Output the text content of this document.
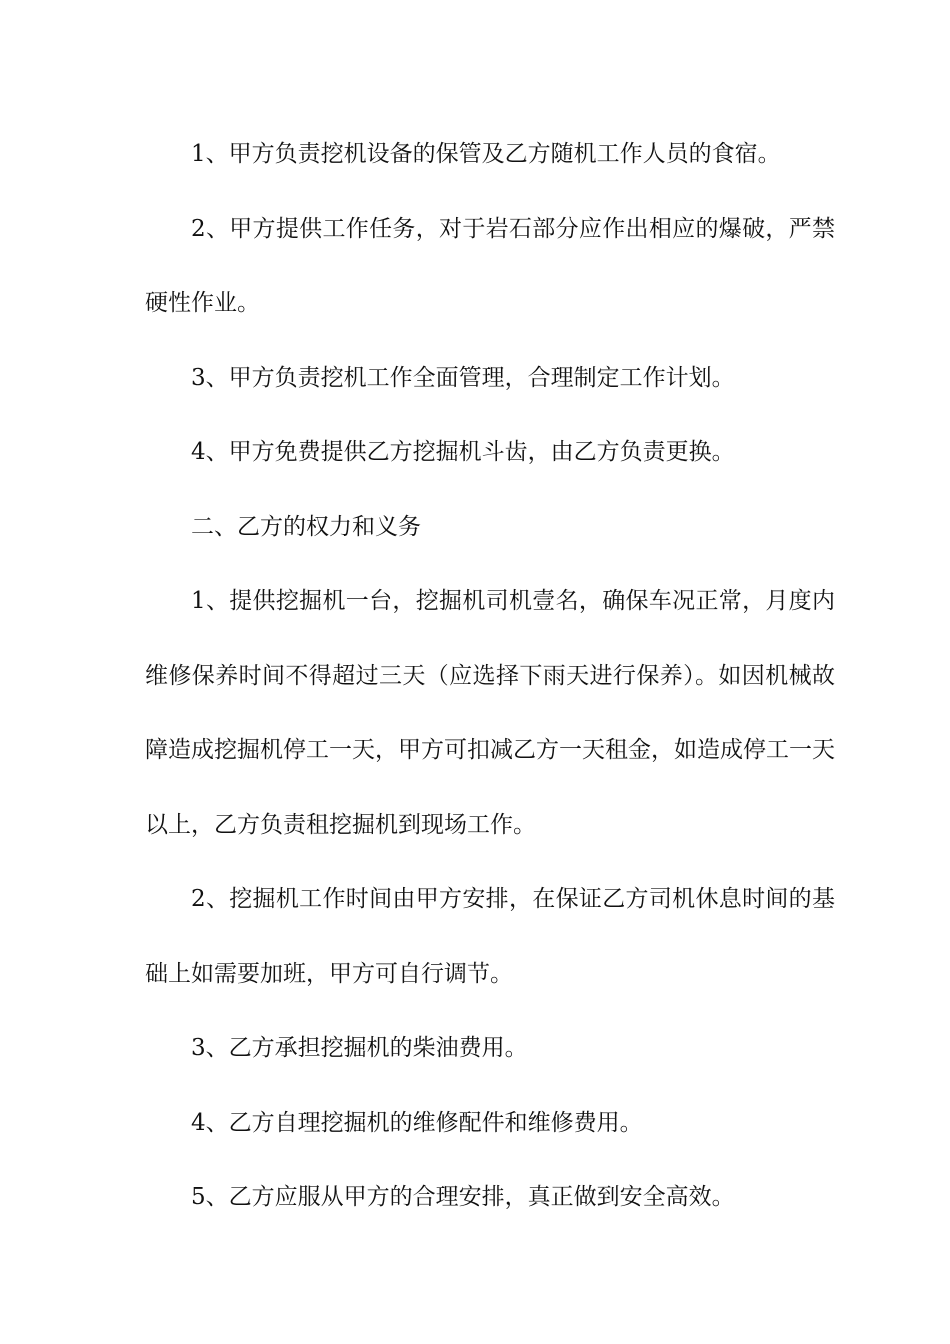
1、甲方负责挖机设备的保管及乙方随机工作人员的食宿。

2、甲方提供工作任务，对于岩石部分应作出相应的爆破，严禁硬性作业。

3、甲方负责挖机工作全面管理，合理制定工作计划。

4、甲方免费提供乙方挖掘机斗齿，由乙方负责更换。

二、乙方的权力和义务

1、提供挖掘机一台，挖掘机司机壹名，确保车况正常，月度内维修保养时间不得超过三天（应选择下雨天进行保养）。如因机械故障造成挖掘机停工一天，甲方可扣减乙方一天租金，如造成停工一天以上，乙方负责租挖掘机到现场工作。

2、挖掘机工作时间由甲方安排，在保证乙方司机休息时间的基础上如需要加班，甲方可自行调节。

3、乙方承担挖掘机的柴油费用。

4、乙方自理挖掘机的维修配件和维修费用。

5、乙方应服从甲方的合理安排，真正做到安全高效。
